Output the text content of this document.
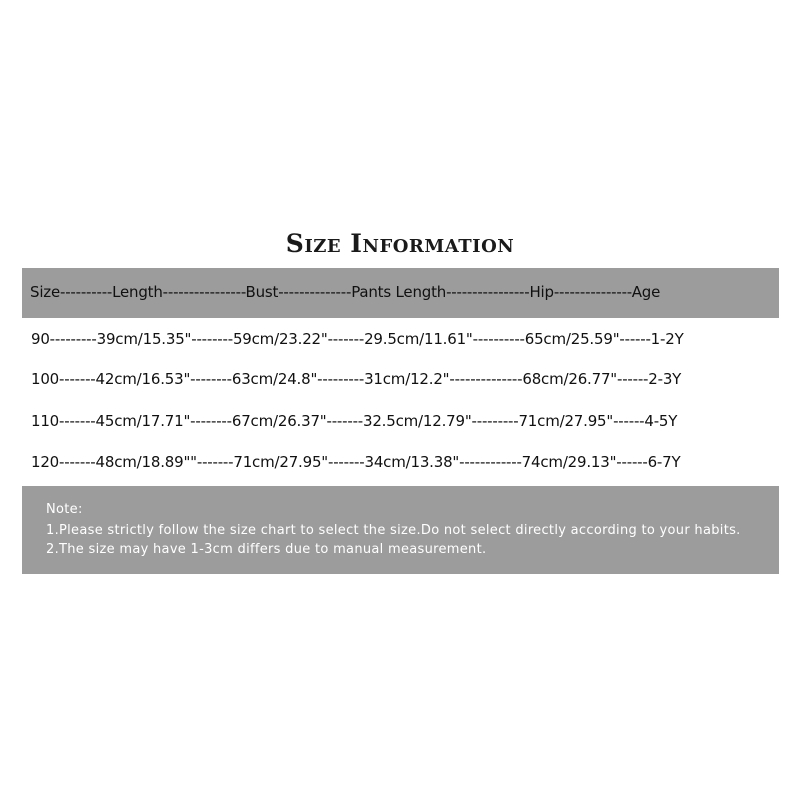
Size Information
Size----------Length----------------Bust--------------Pants Length----------------Hip---------------Age
90---------39cm/15.35"--------59cm/23.22"-------29.5cm/11.61"----------65cm/25.59"------1-2Y
100-------42cm/16.53"--------63cm/24.8"---------31cm/12.2"--------------68cm/26.77"------2-3Y
110-------45cm/17.71"--------67cm/26.37"-------32.5cm/12.79"---------71cm/27.95"------4-5Y
120-------48cm/18.89""-------71cm/27.95"-------34cm/13.38"------------74cm/29.13"------6-7Y
Note:
1.Please strictly follow the size chart to select the size.Do not select directly according to your habits.
2.The size may have 1-3cm differs due to manual measurement.
